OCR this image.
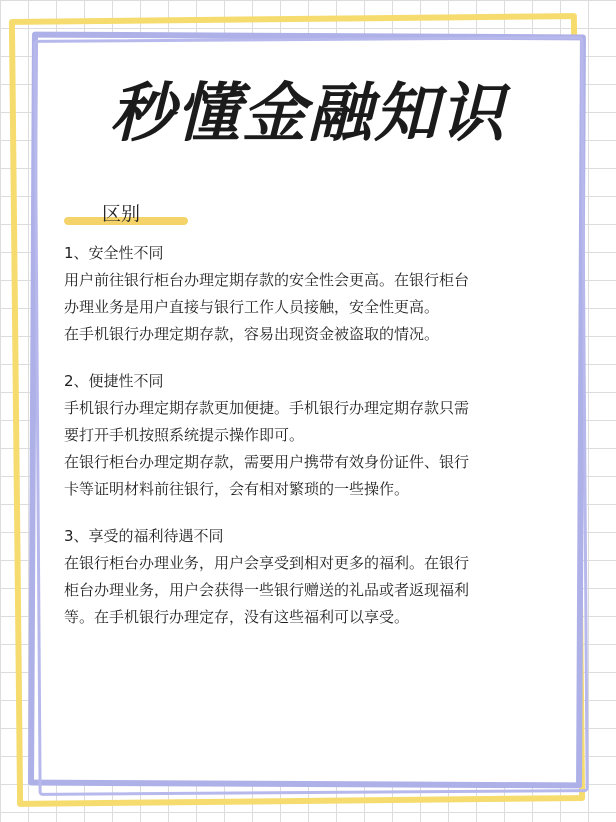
秒懂金融知识
区别
1、安全性不同
用户前往银行柜台办理定期存款的安全性会更高。在银行柜台
办理业务是用户直接与银行工作人员接触，安全性更高。
在手机银行办理定期存款，容易出现资金被盗取的情况。
2、便捷性不同
手机银行办理定期存款更加便捷。手机银行办理定期存款只需
要打开手机按照系统提示操作即可。
在银行柜台办理定期存款，需要用户携带有效身份证件、银行
卡等证明材料前往银行，会有相对繁琐的一些操作。
3、享受的福利待遇不同
在银行柜台办理业务，用户会享受到相对更多的福利。在银行
柜台办理业务，用户会获得一些银行赠送的礼品或者返现福利
等。在手机银行办理定存，没有这些福利可以享受。
